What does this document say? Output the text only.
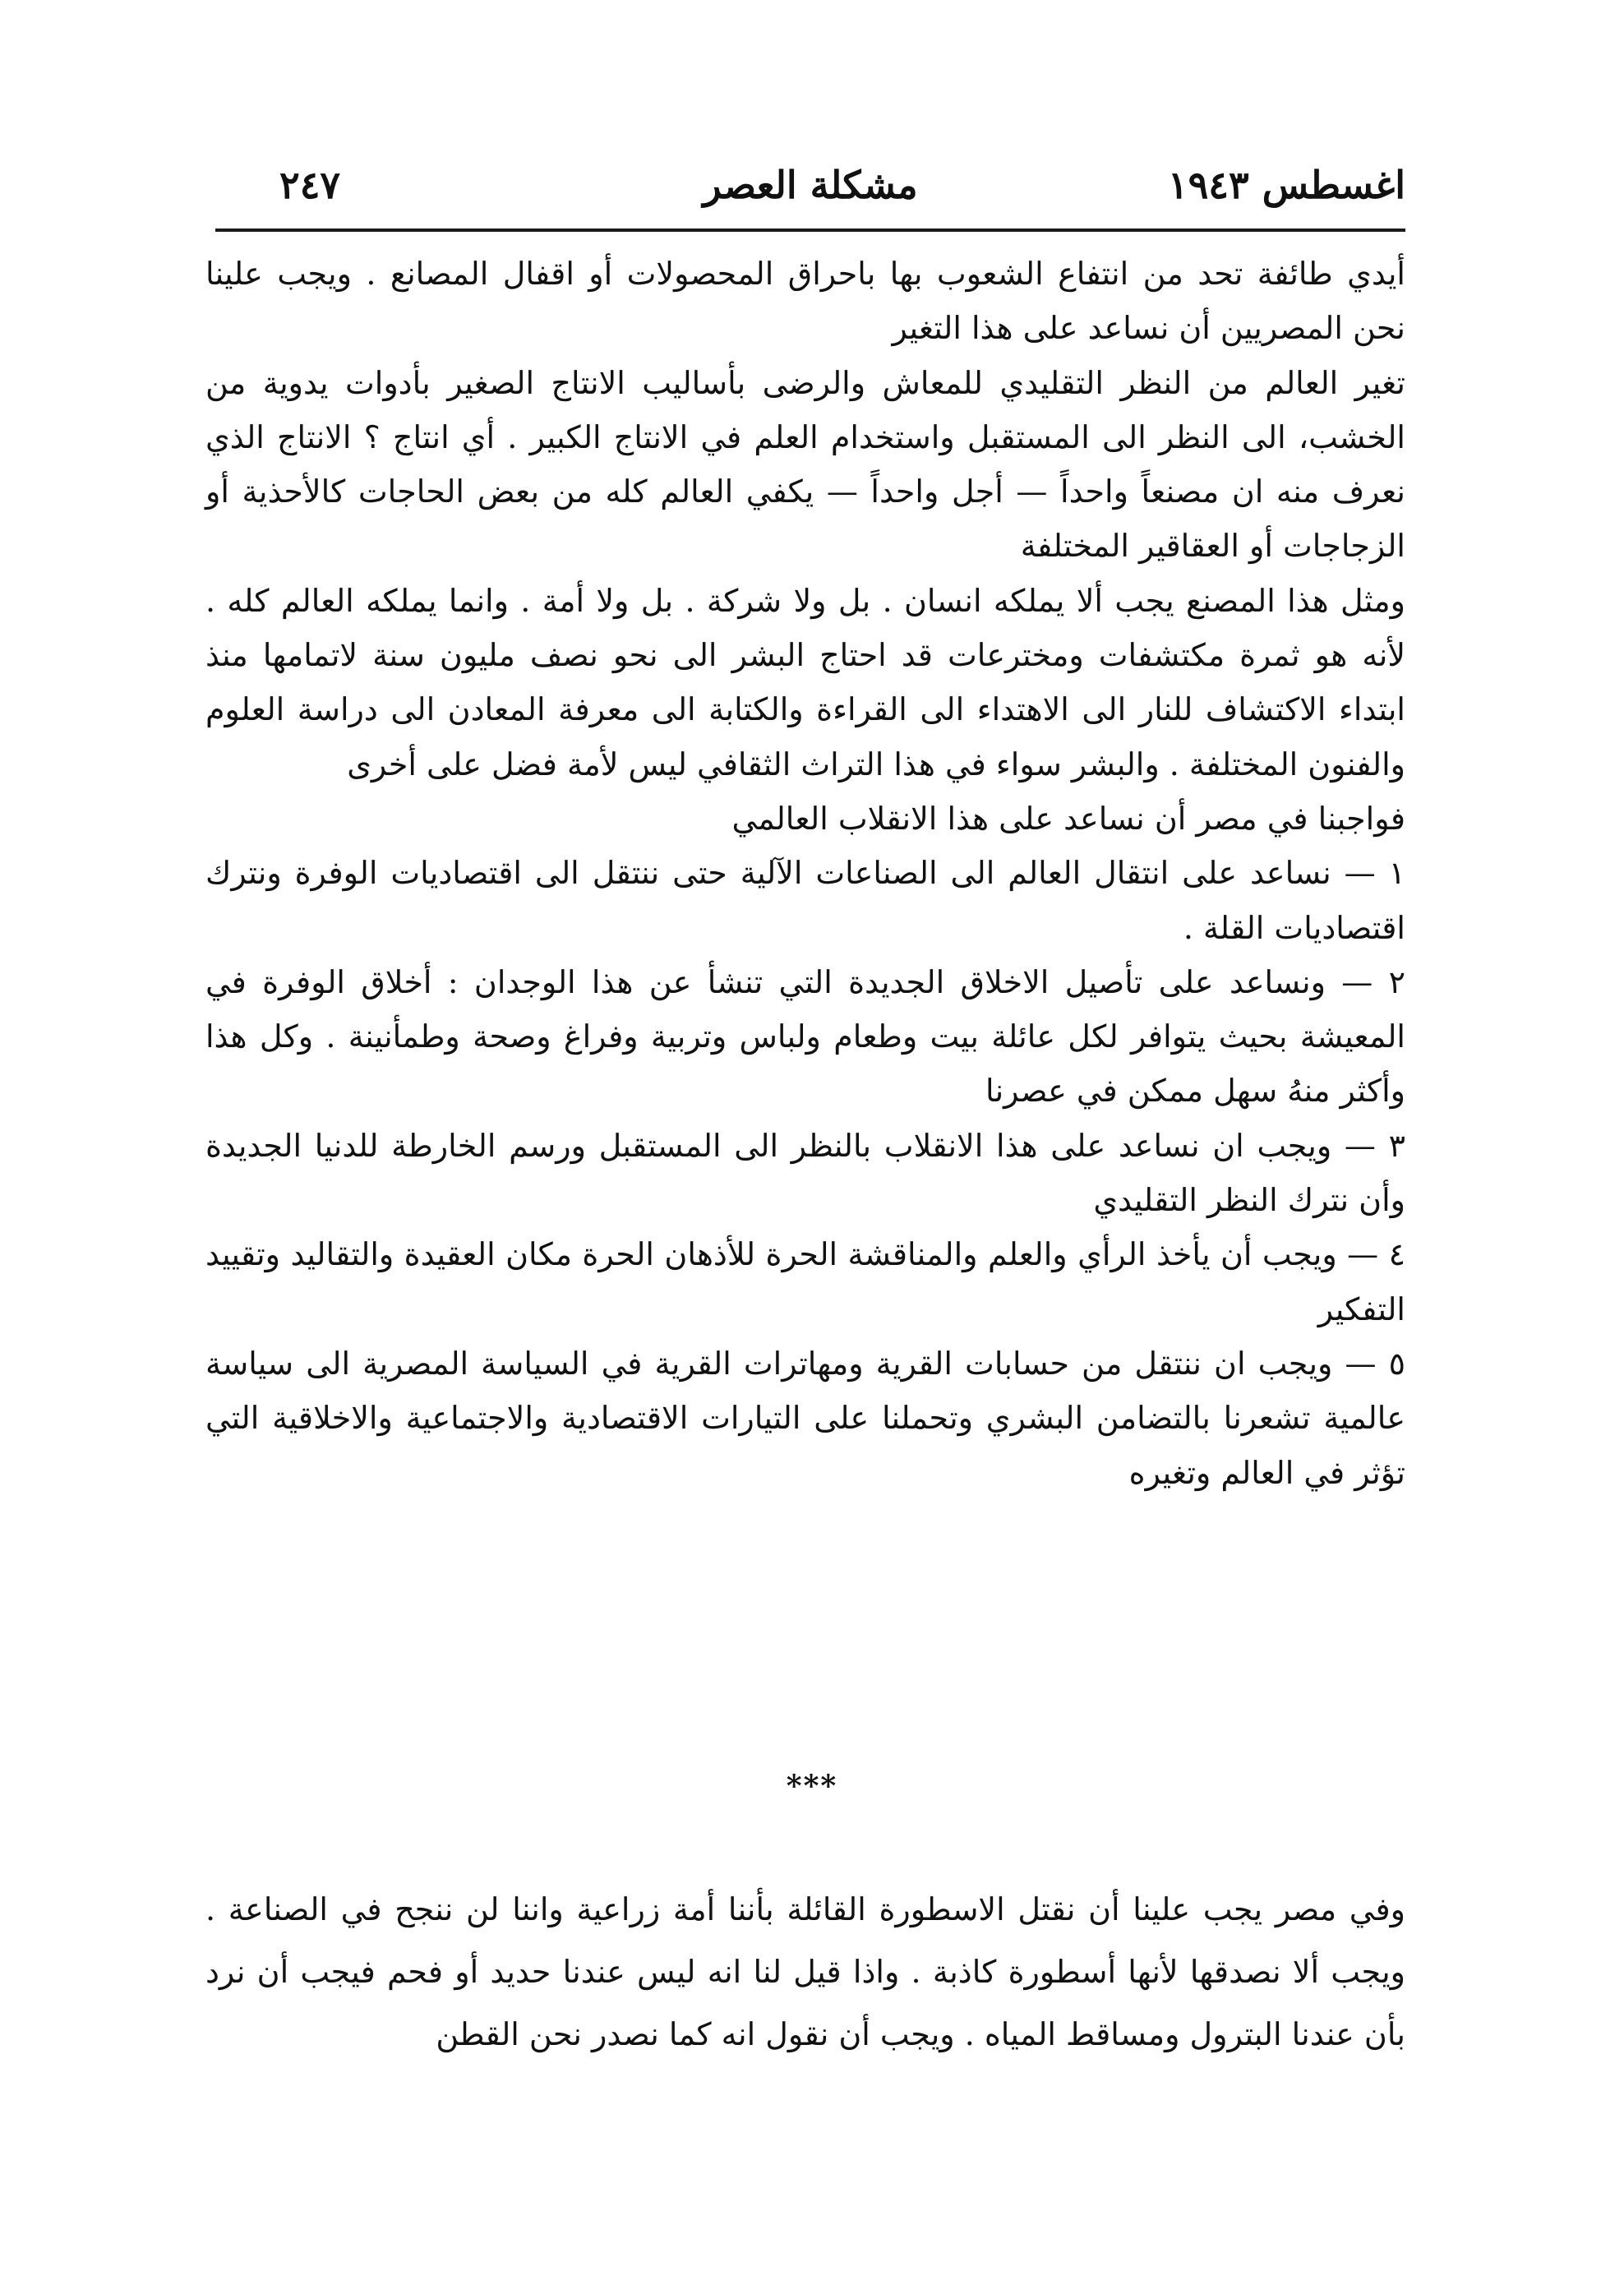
اغسطس ١٩٤٣
مشكلة العصر
٢٤٧

أيدي طائفة تحد من انتفاع الشعوب بها باحراق المحصولات أو اقفال المصانع . ويجب علينا نحن المصريين أن نساعد على هذا التغير

تغير العالم من النظر التقليدي للمعاش والرضى بأساليب الانتاج الصغير بأدوات يدوية من الخشب، الى النظر الى المستقبل واستخدام العلم في الانتاج الكبير . أي انتاج ؟ الانتاج الذي نعرف منه ان مصنعاً واحداً — أجل واحداً — يكفي العالم كله من بعض الحاجات كالأحذية أو الزجاجات أو العقاقير المختلفة

ومثل هذا المصنع يجب ألا يملكه انسان . بل ولا شركة . بل ولا أمة . وانما يملكه العالم كله . لأنه هو ثمرة مكتشفات ومخترعات قد احتاج البشر الى نحو نصف مليون سنة لاتمامها منذ ابتداء الاكتشاف للنار الى الاهتداء الى القراءة والكتابة الى معرفة المعادن الى دراسة العلوم والفنون المختلفة . والبشر سواء في هذا التراث الثقافي ليس لأمة فضل على أخرى

فواجبنا في مصر أن نساعد على هذا الانقلاب العالمي

١ — نساعد على انتقال العالم الى الصناعات الآلية حتى ننتقل الى اقتصاديات الوفرة ونترك اقتصاديات القلة .

٢ — ونساعد على تأصيل الاخلاق الجديدة التي تنشأ عن هذا الوجدان : أخلاق الوفرة في المعيشة بحيث يتوافر لكل عائلة بيت وطعام ولباس وتربية وفراغ وصحة وطمأنينة . وكل هذا وأكثر منهُ سهل ممكن في عصرنا

٣ — ويجب ان نساعد على هذا الانقلاب بالنظر الى المستقبل ورسم الخارطة للدنيا الجديدة وأن نترك النظر التقليدي

٤ — ويجب أن يأخذ الرأي والعلم والمناقشة الحرة للأذهان الحرة مكان العقيدة والتقاليد وتقييد التفكير

٥ — ويجب ان ننتقل من حسابات القرية ومهاترات القرية في السياسة المصرية الى سياسة عالمية تشعرنا بالتضامن البشري وتحملنا على التيارات الاقتصادية والاجتماعية والاخلاقية التي تؤثر في العالم وتغيره

***

وفي مصر يجب علينا أن نقتل الاسطورة القائلة بأننا أمة زراعية واننا لن ننجح في الصناعة . ويجب ألا نصدقها لأنها أسطورة كاذبة . واذا قيل لنا انه ليس عندنا حديد أو فحم فيجب أن نرد بأن عندنا البترول ومساقط المياه . ويجب أن نقول انه كما نصدر نحن القطن
